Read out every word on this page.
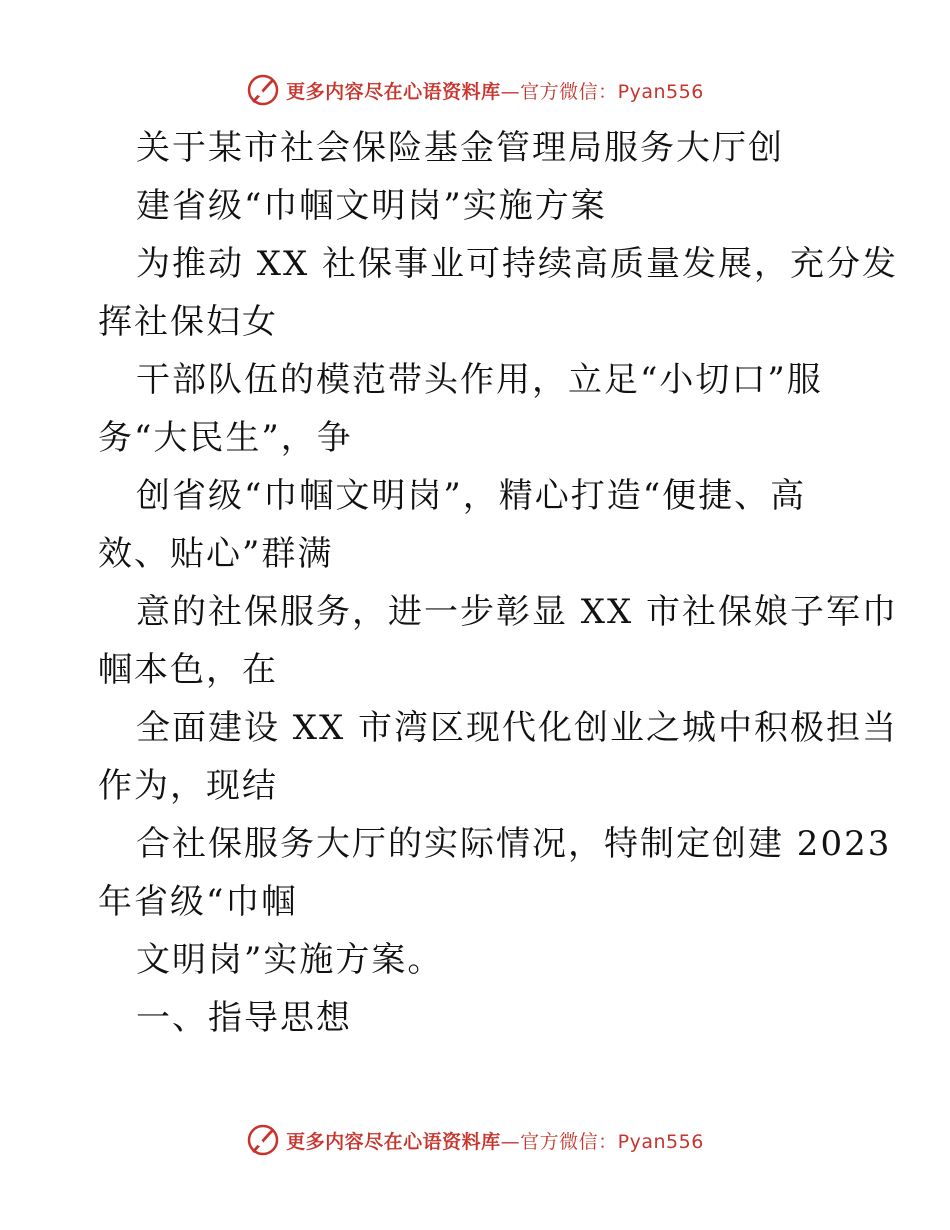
更多内容尽在心语资料库—官方微信：Pyan556
关于某市社会保险基金管理局服务大厅创
建省级“巾帼文明岗”实施方案
为推动 XX 社保事业可持续高质量发展，充分发
挥社保妇女
干部队伍的模范带头作用，立足“小切口”服
务“大民生”，争
创省级“巾帼文明岗”，精心打造“便捷、高
效、贴心”群满
意的社保服务，进一步彰显 XX 市社保娘子军巾
帼本色，在
全面建设 XX 市湾区现代化创业之城中积极担当
作为，现结
合社保服务大厅的实际情况，特制定创建 2023
年省级“巾帼
文明岗”实施方案。
一、指导思想
更多内容尽在心语资料库—官方微信：Pyan556
